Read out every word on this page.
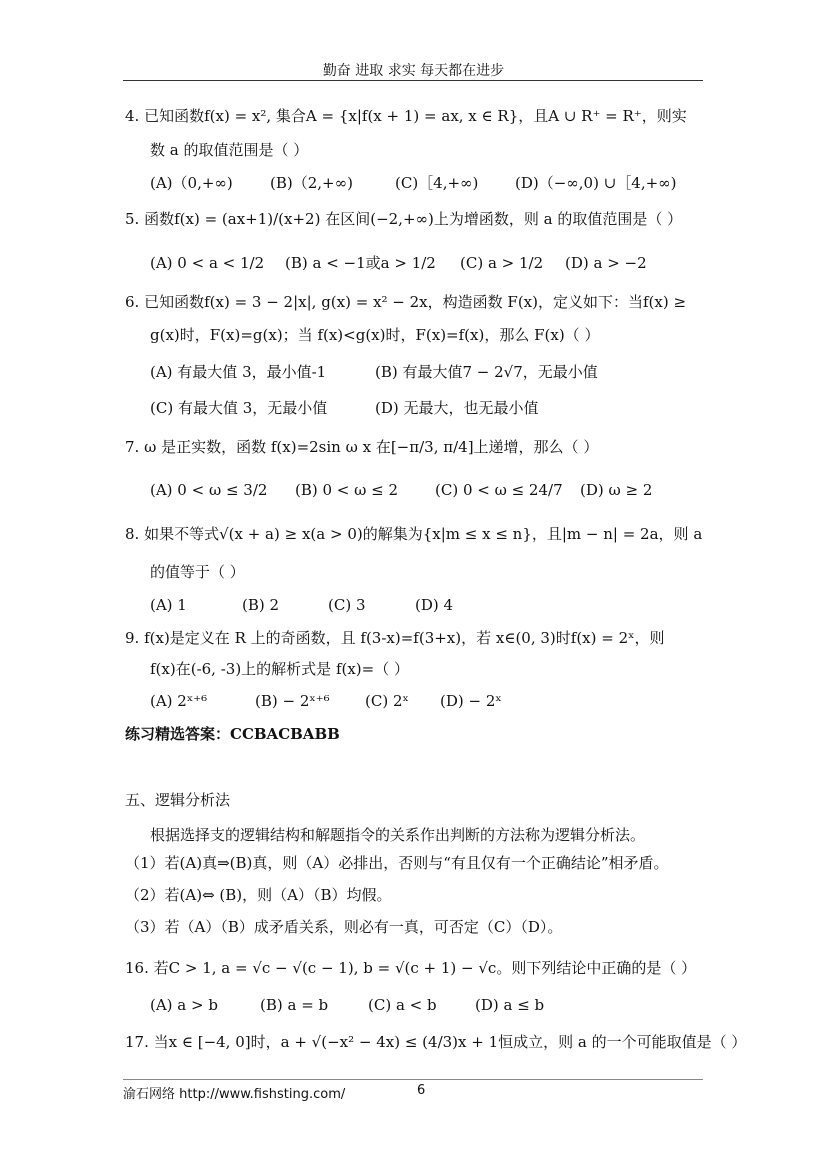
勤奋 进取 求实 每天都在进步
4. 已知函数f(x) = x², 集合A = {x|f(x + 1) = ax, x ∈ R}，且A ∪ R⁺ = R⁺，则实
数 a 的取值范围是（ ）
(A)（0,+∞) (B)（2,+∞)	(C)［4,+∞) (D)（−∞,0) ∪［4,+∞)
5. 函数f(x) = (ax+1)/(x+2) 在区间(−2,+∞)上为增函数，则 a 的取值范围是（ ）
(A) 0 < a < 1/2 (B) a < −1或a > 1/2 (C) a > 1/2 (D) a > −2
6. 已知函数f(x) = 3 − 2|x|, g(x) = x² − 2x，构造函数 F(x)，定义如下：当f(x) ≥
g(x)时，F(x)=g(x)；当 f(x)<g(x)时，F(x)=f(x)，那么 F(x)（ ）
(A) 有最大值 3，最小值-1	(B) 有最大值7 − 2√7，无最小值
(C) 有最大值 3，无最小值	(D) 无最大，也无最小值
7. ω 是正实数，函数 f(x)=2sin ω x 在[−π/3, π/4]上递增，那么（ ）
(A) 0 < ω ≤ 3/2 (B) 0 < ω ≤ 2 (C) 0 < ω ≤ 24/7 (D) ω ≥ 2
8. 如果不等式√(x + a) ≥ x(a > 0)的解集为{x|m ≤ x ≤ n}，且|m − n| = 2a，则 a
的值等于（ ）
(A) 1	(B) 2	(C) 3	(D) 4
9. f(x)是定义在 R 上的奇函数，且 f(3-x)=f(3+x)，若 x∈(0, 3)时f(x) = 2ˣ，则
f(x)在(-6, -3)上的解析式是 f(x)=（ ）
(A) 2ˣ⁺⁶	(B) − 2ˣ⁺⁶ (C) 2ˣ (D) − 2ˣ
练习精选答案：CCBACBABB
五、逻辑分析法
根据选择支的逻辑结构和解题指令的关系作出判断的方法称为逻辑分析法。
（1）若(A)真⇒(B)真，则（A）必排出，否则与“有且仅有一个正确结论”相矛盾。
（2）若(A)⇔ (B)，则（A）（B）均假。
（3）若（A）（B）成矛盾关系，则必有一真，可否定（C）（D）。
16. 若C > 1, a = √c − √(c − 1), b = √(c + 1) − √c。则下列结论中正确的是（ ）
(A) a > b	(B) a = b	(C) a < b	(D) a ≤ b
17. 当x ∈ [−4, 0]时，a + √(−x² − 4x) ≤ (4/3)x + 1恒成立，则 a 的一个可能取值是（ ）
渝石网络 http://www.fishsting.com/	6
